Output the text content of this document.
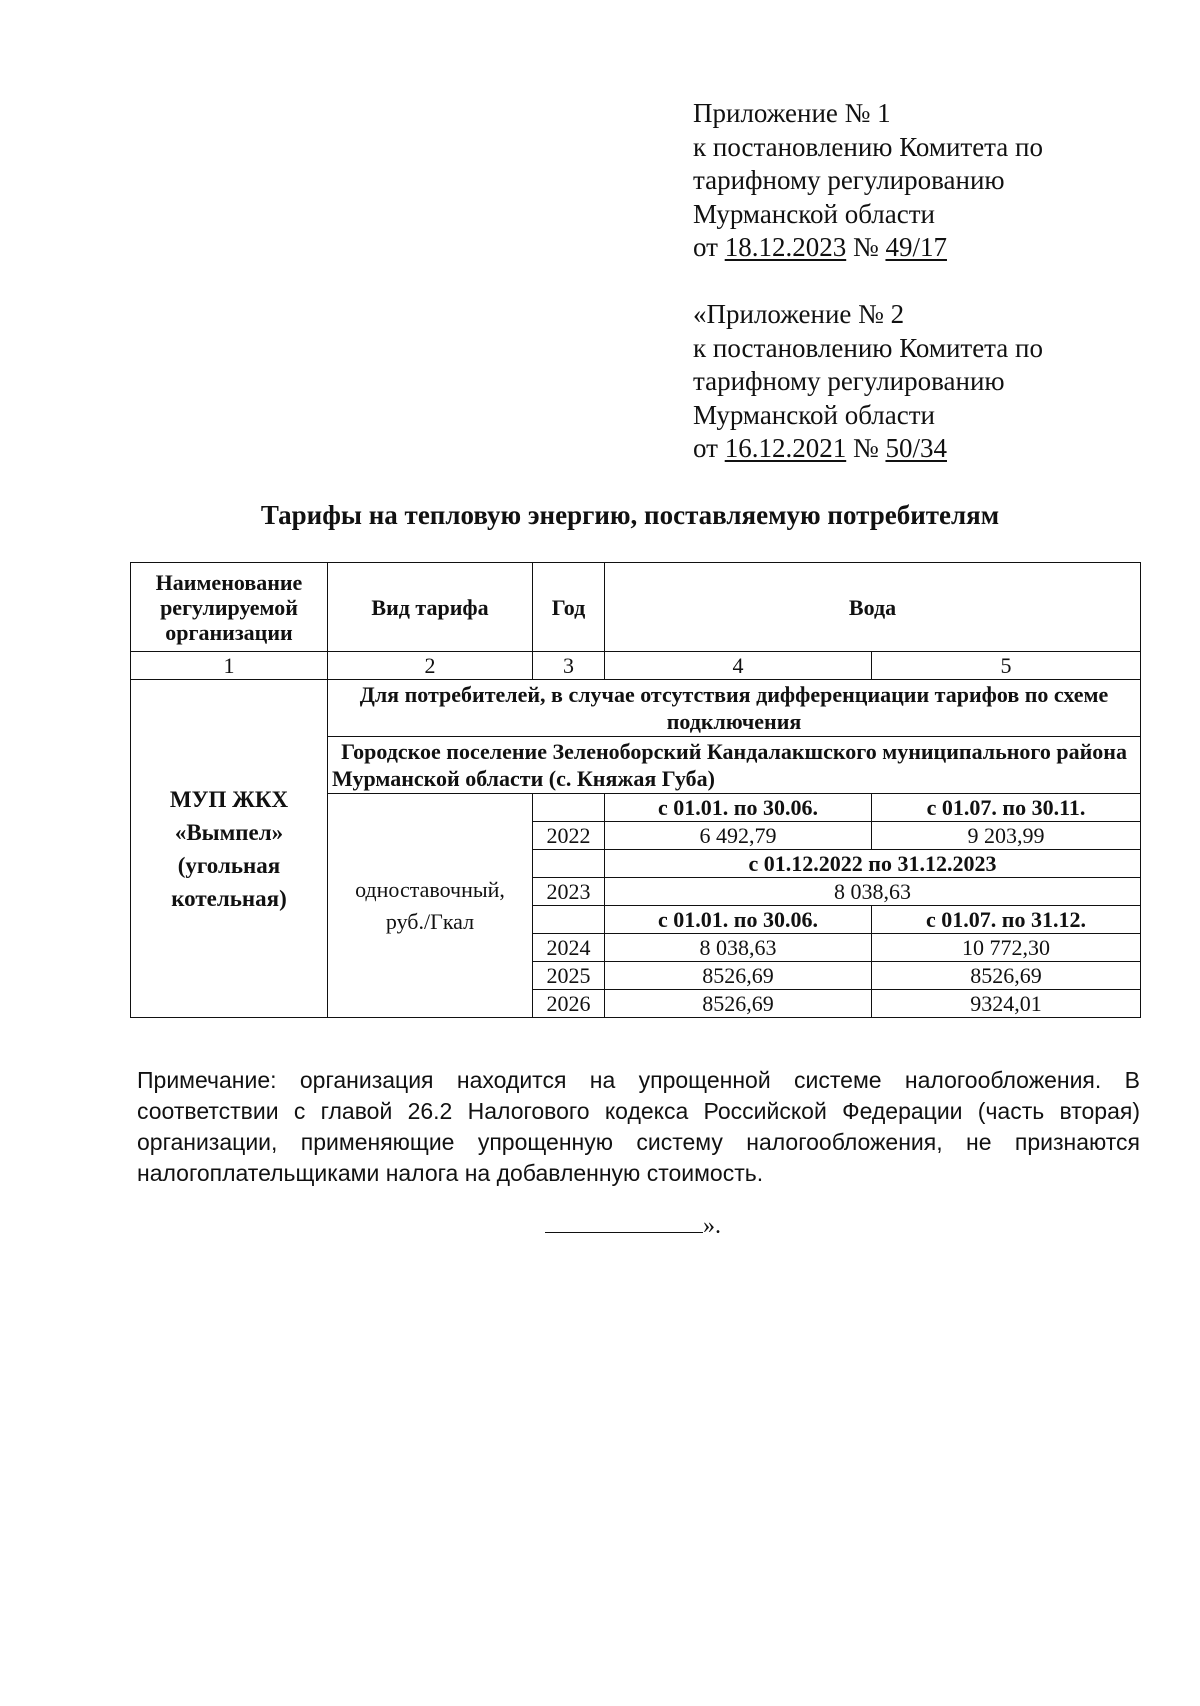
Приложение № 1
к постановлению Комитета по
тарифному регулированию
Мурманской области
от 18.12.2023 № 49/17
«Приложение № 2
к постановлению Комитета по
тарифному регулированию
Мурманской области
от 16.12.2021 № 50/34
Тарифы на тепловую энергию, поставляемую потребителям
Наименование регулируемой организации	Вид тарифа	Год	Вода	
1	2	3	4	5
МУП ЖКХ «Вымпел» (угольная котельная)	Для потребителей, в случае отсутствия дифференциации тарифов по схеме подключения			
	Городское поселение Зеленоборский Кандалакшского муниципального района Мурманской области (с. Княжая Губа)			
	одноставочный, руб./Гкал		с 01.01. по 30.06.	с 01.07. по 30.11.
		2022	6 492,79	9 203,99
			с 01.12.2022 по 31.12.2023	
		2023	8 038,63	
			с 01.01. по 30.06.	с 01.07. по 31.12.
		2024	8 038,63	10 772,30
		2025	8526,69	8526,69
		2026	8526,69	9324,01
Примечание: организация находится на упрощенной системе налогообложения. В соответствии с главой 26.2 Налогового кодекса Российской Федерации (часть вторая) организации, применяющие упрощенную систему налогообложения, не признаются налогоплательщиками налога на добавленную стоимость.
».
